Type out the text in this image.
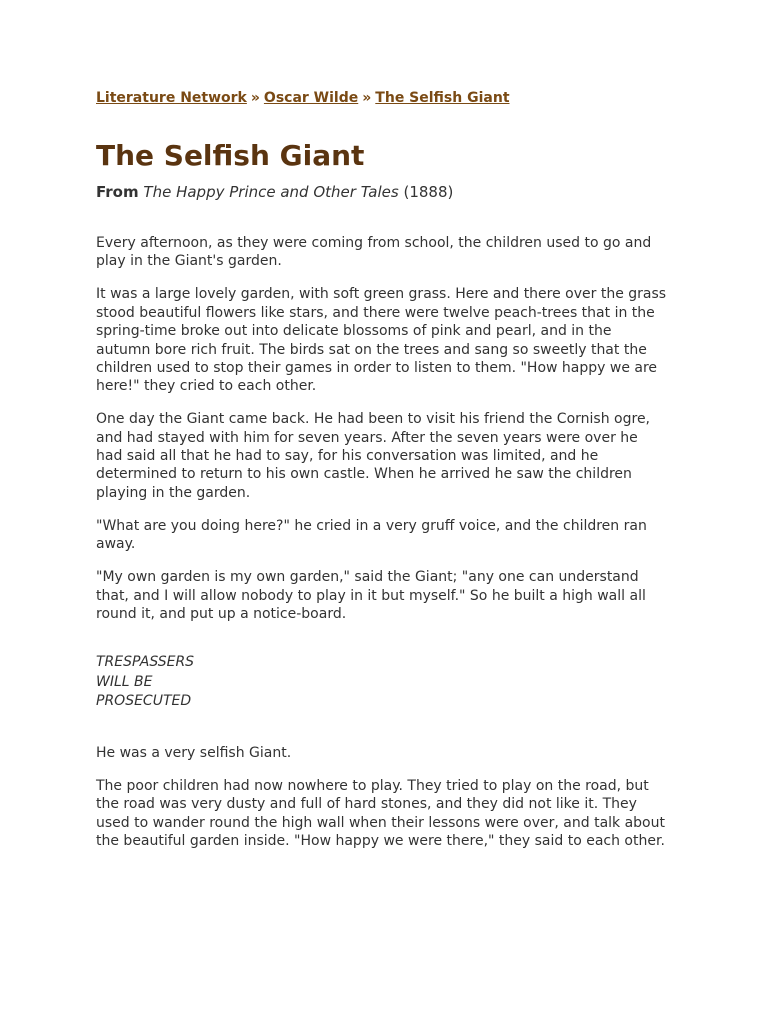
Literature Network » Oscar Wilde » The Selfish Giant
The Selfish Giant
From The Happy Prince and Other Tales (1888)

Every afternoon, as they were coming from school, the children used to go and play in the Giant's garden.

It was a large lovely garden, with soft green grass. Here and there over the grass stood beautiful flowers like stars, and there were twelve peach-trees that in the spring-time broke out into delicate blossoms of pink and pearl, and in the autumn bore rich fruit. The birds sat on the trees and sang so sweetly that the children used to stop their games in order to listen to them. "How happy we are here!" they cried to each other.

One day the Giant came back. He had been to visit his friend the Cornish ogre, and had stayed with him for seven years. After the seven years were over he had said all that he had to say, for his conversation was limited, and he determined to return to his own castle. When he arrived he saw the children playing in the garden.

"What are you doing here?" he cried in a very gruff voice, and the children ran away.

"My own garden is my own garden," said the Giant; "any one can understand that, and I will allow nobody to play in it but myself." So he built a high wall all round it, and put up a notice-board.

TRESPASSERS
WILL BE
PROSECUTED

He was a very selfish Giant.

The poor children had now nowhere to play. They tried to play on the road, but the road was very dusty and full of hard stones, and they did not like it. They used to wander round the high wall when their lessons were over, and talk about the beautiful garden inside. "How happy we were there," they said to each other.
